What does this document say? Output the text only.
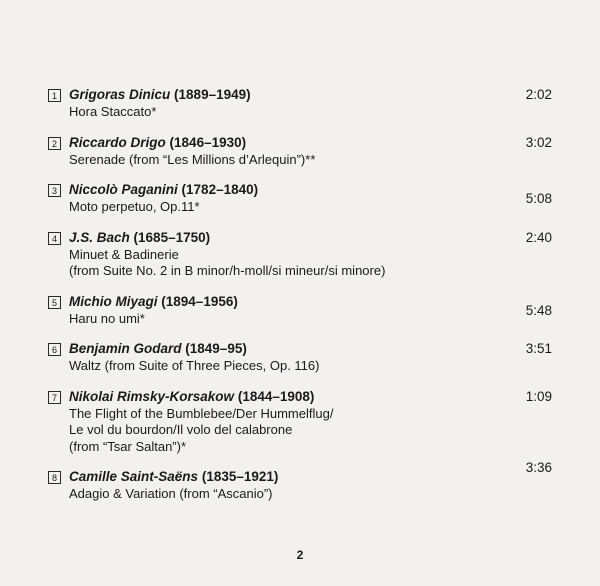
1 Grigoras Dinicu (1889–1949)
Hora Staccato*
2:02
2 Riccardo Drigo (1846–1930)
Serenade (from “Les Millions d’Arlequin”)**
3:02
3 Niccolò Paganini (1782–1840)
Moto perpetuo, Op.11*
5:08
4 J.S. Bach (1685–1750)
Minuet & Badinerie
(from Suite No. 2 in B minor/h-moll/si mineur/si minore)
2:40
5 Michio Miyagi (1894–1956)
Haru no umi*
5:48
6 Benjamin Godard (1849–95)
Waltz (from Suite of Three Pieces, Op. 116)
3:51
7 Nikolai Rimsky-Korsakow (1844–1908)
The Flight of the Bumblebee/Der Hummelflug/
Le vol du bourdon/Il volo del calabrone
(from “Tsar Saltan”)*
1:09
8 Camille Saint-Saëns (1835–1921)
Adagio & Variation (from “Ascanio”)
3:36
2
